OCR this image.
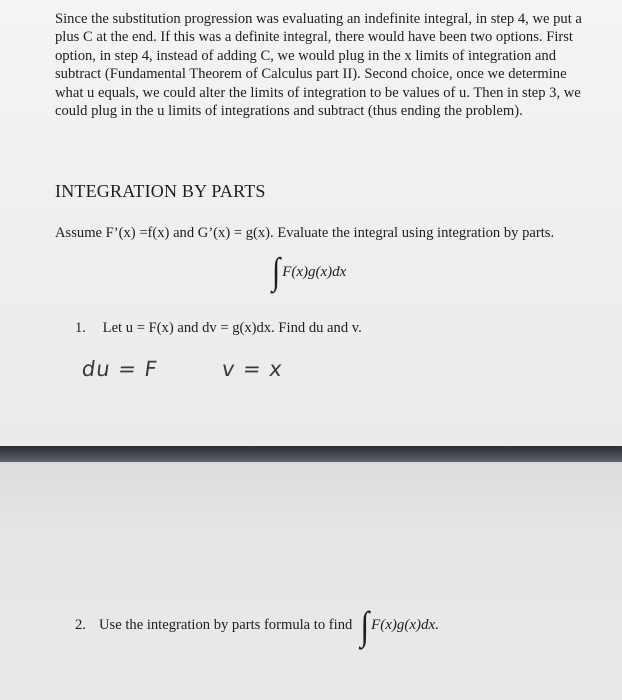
Since the substitution progression was evaluating an indefinite integral, in step 4, we put a plus C at the end. If this was a definite integral, there would have been two options. First option, in step 4, instead of adding C, we would plug in the x limits of integration and subtract (Fundamental Theorem of Calculus part II). Second choice, once we determine what u equals, we could alter the limits of integration to be values of u. Then in step 3, we could plug in the u limits of integrations and subtract (thus ending the problem).

INTEGRATION BY PARTS
Assume F’(x) =f(x) and G’(x) = g(x). Evaluate the integral using integration by parts.
∫ F(x)g(x)dx
1. Let u = F(x) and dv = g(x)dx. Find du and v.
du = F	v = x
2. Use the integration by parts formula to find ∫ F(x)g(x)dx.
